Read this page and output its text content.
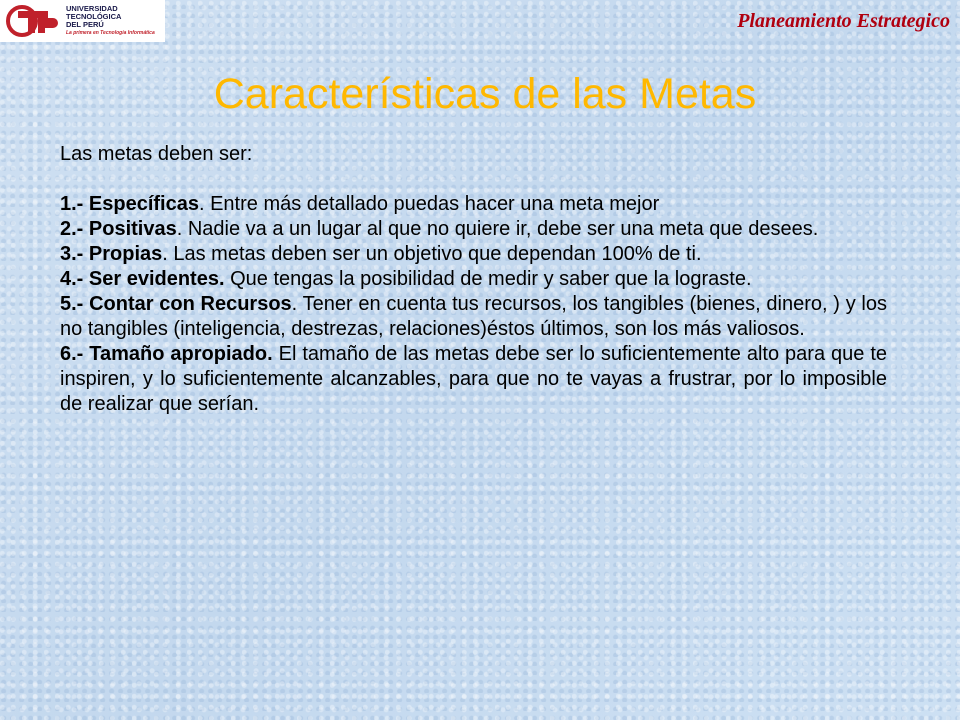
UNIVERSIDAD
TECNOLÓGICA
DEL PERÚ
La primera en Tecnología Informática
Planeamiento Estrategico
Características de las Metas

Las metas deben ser:

1.- Específicas. Entre más detallado puedas hacer una meta mejor

2.- Positivas. Nadie va a un lugar al que no quiere ir, debe ser una meta que desees.

3.- Propias. Las metas deben ser un objetivo que dependan 100% de ti.

4.- Ser evidentes. Que tengas la posibilidad de medir y saber que la lograste.

5.- Contar con Recursos. Tener en cuenta tus recursos, los tangibles (bienes, dinero, ) y los no tangibles (inteligencia, destrezas, relaciones)éstos últimos, son los más valiosos.

6.- Tamaño apropiado. El tamaño de las metas debe ser lo suficientemente alto para que te inspiren, y lo suficientemente alcanzables, para que no te vayas a frustrar, por lo imposible de realizar que serían.
